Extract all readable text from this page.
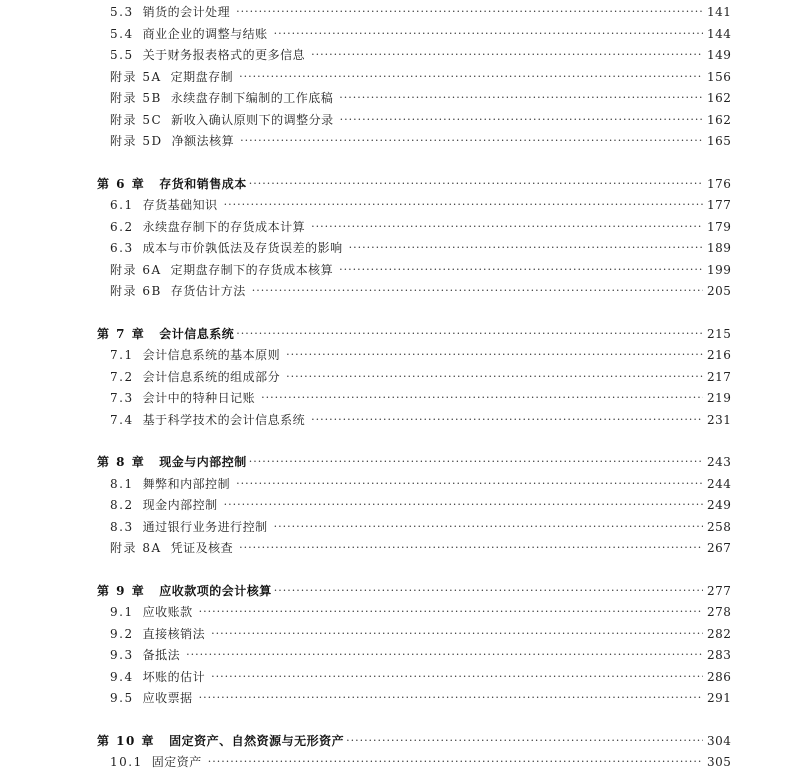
5.3 销货的会计处理 ·····	141
5.4 商业企业的调整与结账 ·····	144
5.5 关于财务报表格式的更多信息 ·····	149
附录 5A 定期盘存制 ·····	156
附录 5B 永续盘存制下编制的工作底稿 ·····	162
附录 5C 新收入确认原则下的调整分录 ·····	162
附录 5D 净额法核算 ·····	165
第 6 章 存货和销售成本 ·····	176
6.1 存货基础知识 ·····	177
6.2 永续盘存制下的存货成本计算 ·····	179
6.3 成本与市价孰低法及存货误差的影响 ·····	189
附录 6A 定期盘存制下的存货成本核算 ·····	199
附录 6B 存货估计方法 ·····	205
第 7 章 会计信息系统 ·····	215
7.1 会计信息系统的基本原则 ·····	216
7.2 会计信息系统的组成部分 ·····	217
7.3 会计中的特种日记账 ·····	219
7.4 基于科学技术的会计信息系统 ·····	231
第 8 章 现金与内部控制 ·····	243
8.1 舞弊和内部控制 ·····	244
8.2 现金内部控制 ·····	249
8.3 通过银行业务进行控制 ·····	258
附录 8A 凭证及核查 ·····	267
第 9 章 应收款项的会计核算 ·····	277
9.1 应收账款 ·····	278
9.2 直接核销法 ·····	282
9.3 备抵法 ·····	283
9.4 坏账的估计 ·····	286
9.5 应收票据 ·····	291
第 10 章 固定资产、自然资源与无形资产 ·····	304
10.1 固定资产 ·····	305
